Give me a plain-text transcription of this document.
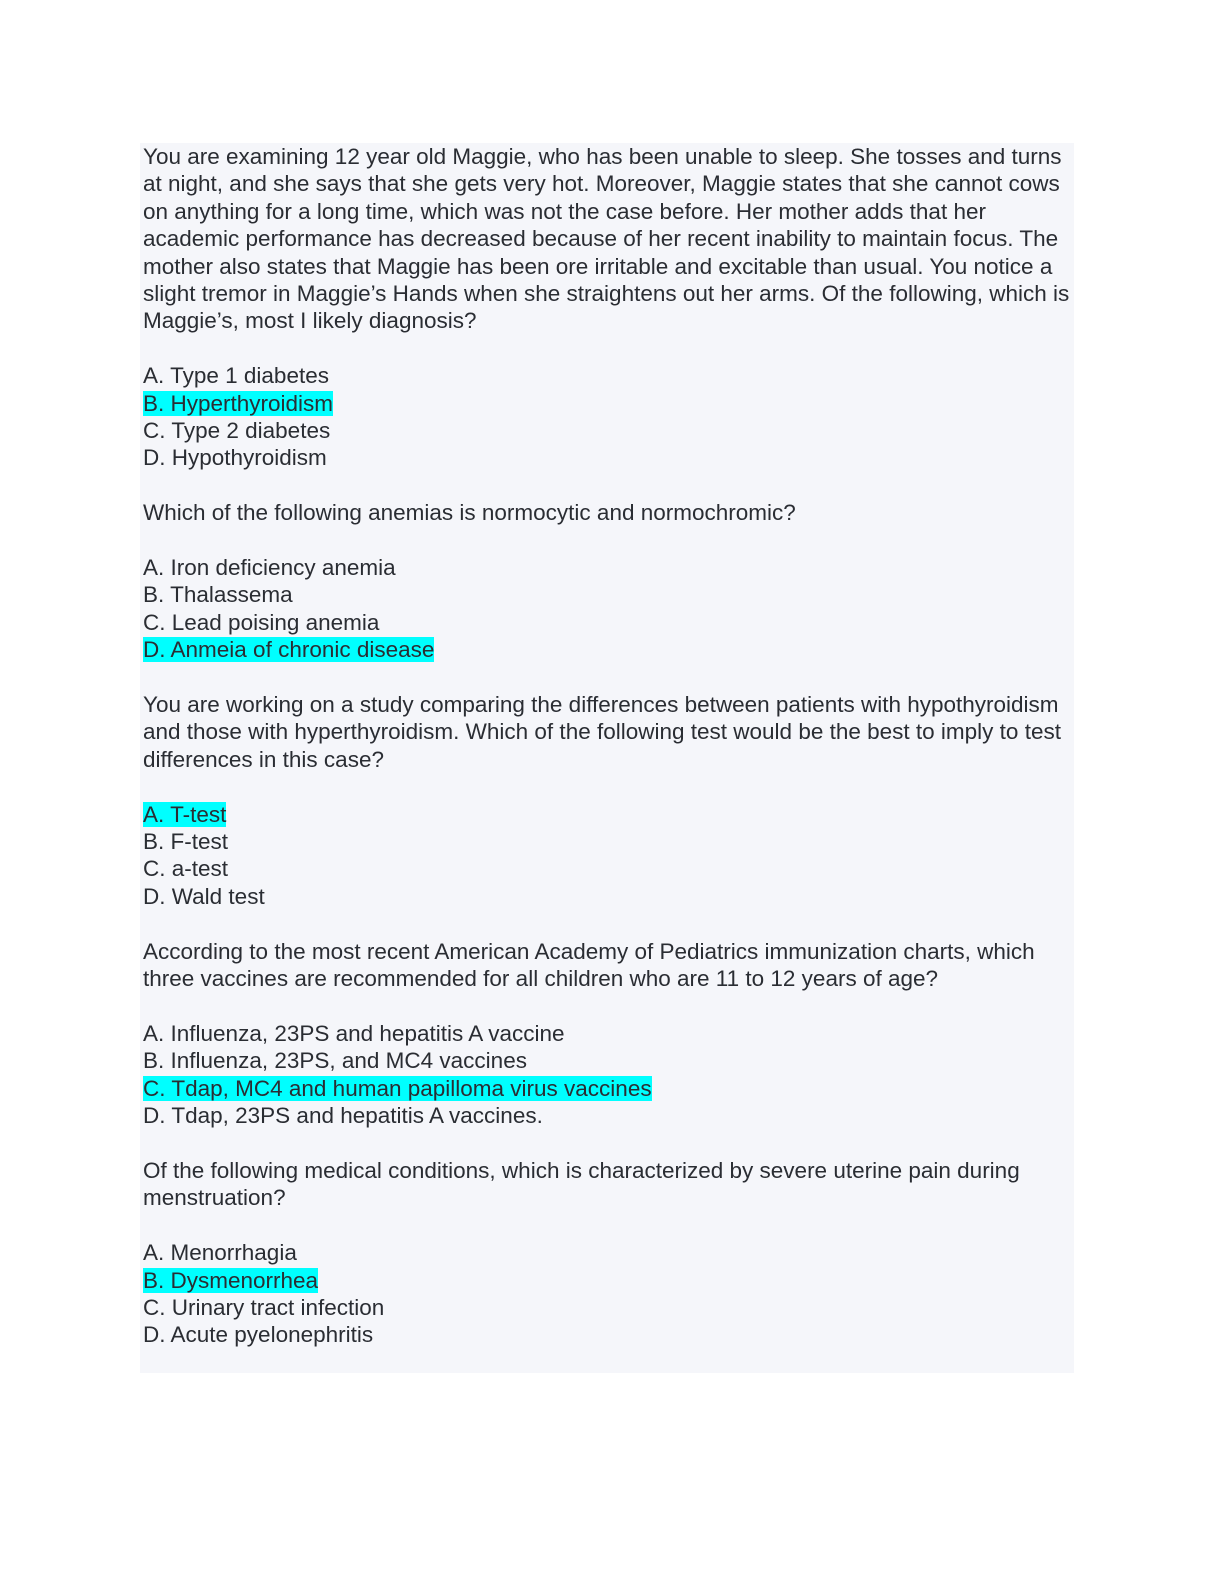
You are examining 12 year old Maggie, who has been unable to sleep. She tosses and turns at night, and she says that she gets very hot. Moreover, Maggie states that she cannot cows on anything for a long time, which was not the case before. Her mother adds that her academic performance has decreased because of her recent inability to maintain focus. The mother also states that Maggie has been ore irritable and excitable than usual. You notice a slight tremor in Maggie’s Hands when she straightens out her arms. Of the following, which is Maggie’s, most I likely diagnosis?

A. Type 1 diabetes
B. Hyperthyroidism
C. Type 2 diabetes
D. Hypothyroidism

Which of the following anemias is normocytic and normochromic?

A. Iron deficiency anemia
B. Thalassema
C. Lead poising anemia
D. Anmeia of chronic disease

You are working on a study comparing the differences between patients with hypothyroidism and those with hyperthyroidism. Which of the following test would be the best to imply to test differences in this case?

A. T-test
B. F-test
C. a-test
D. Wald test

According to the most recent American Academy of Pediatrics immunization charts, which three vaccines are recommended for all children who are 11 to 12 years of age?

A. Influenza, 23PS and hepatitis A vaccine
B. Influenza, 23PS, and MC4 vaccines
C. Tdap, MC4 and human papilloma virus vaccines
D. Tdap, 23PS and hepatitis A vaccines.

Of the following medical conditions, which is characterized by severe uterine pain during menstruation?

A. Menorrhagia
B. Dysmenorrhea
C. Urinary tract infection
D. Acute pyelonephritis
